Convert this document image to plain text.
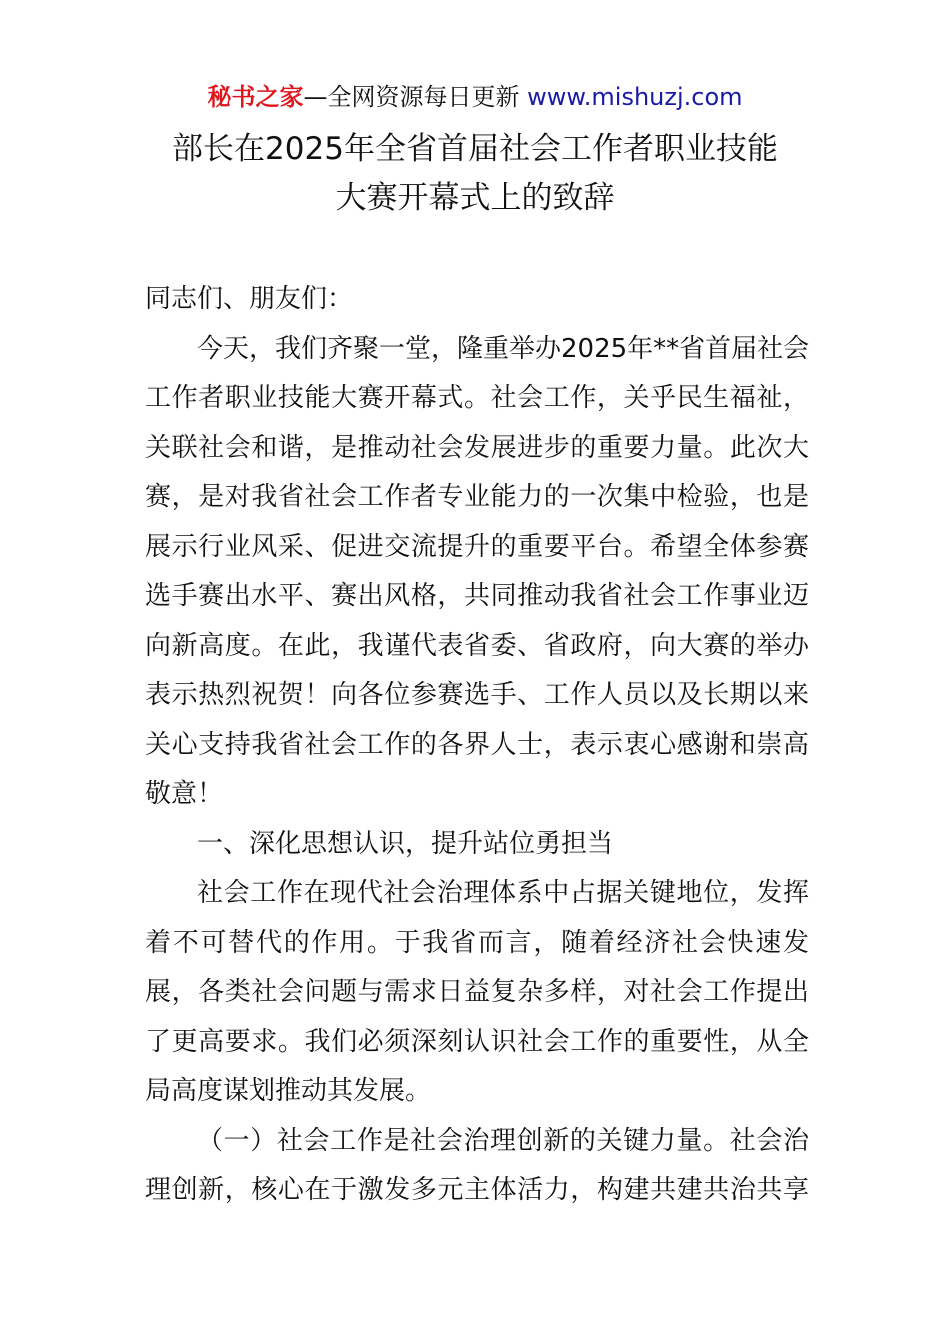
秘书之家—全网资源每日更新 www.mishuzj.com
部长在2025年全省首届社会工作者职业技能
大赛开幕式上的致辞
同志们、朋友们：
今天，我们齐聚一堂，隆重举办2025年**省首届社会
工作者职业技能大赛开幕式。社会工作，关乎民生福祉，
关联社会和谐，是推动社会发展进步的重要力量。此次大
赛，是对我省社会工作者专业能力的一次集中检验，也是
展示行业风采、促进交流提升的重要平台。希望全体参赛
选手赛出水平、赛出风格，共同推动我省社会工作事业迈
向新高度。在此，我谨代表省委、省政府，向大赛的举办
表示热烈祝贺！向各位参赛选手、工作人员以及长期以来
关心支持我省社会工作的各界人士，表示衷心感谢和崇高
敬意！
一、深化思想认识，提升站位勇担当
社会工作在现代社会治理体系中占据关键地位，发挥
着不可替代的作用。于我省而言，随着经济社会快速发
展，各类社会问题与需求日益复杂多样，对社会工作提出
了更高要求。我们必须深刻认识社会工作的重要性，从全
局高度谋划推动其发展。
（一）社会工作是社会治理创新的关键力量。社会治
理创新，核心在于激发多元主体活力，构建共建共治共享
